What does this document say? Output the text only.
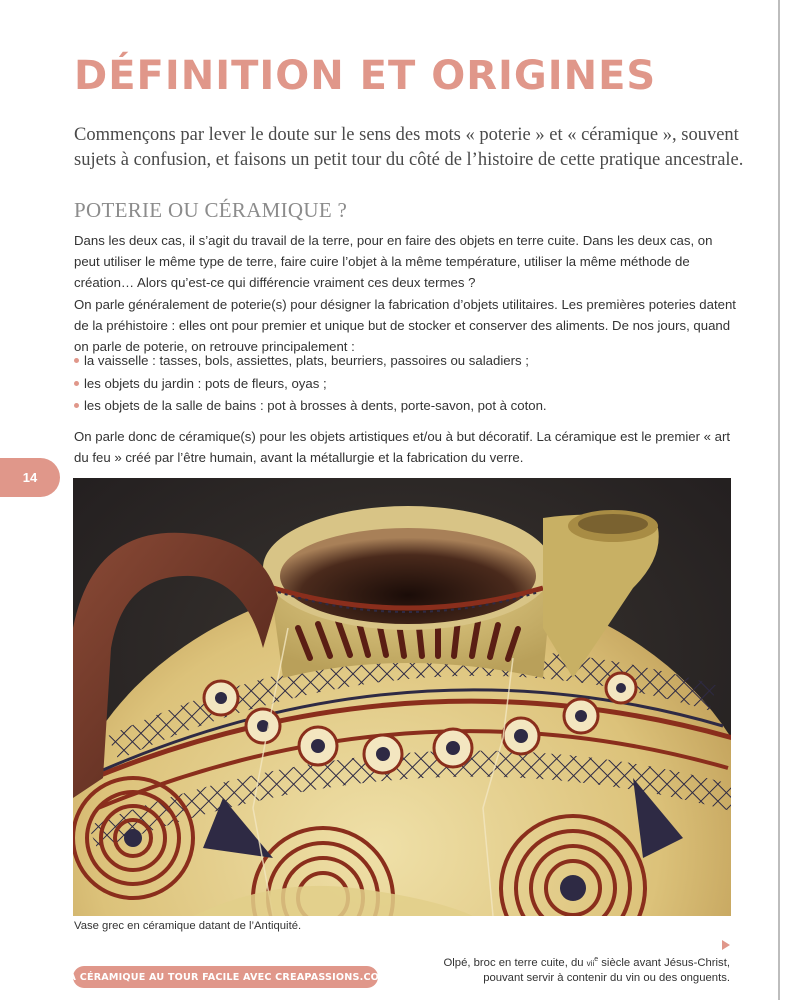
DÉFINITION ET ORIGINES

Commençons par lever le doute sur le sens des mots « poterie » et « céramique », souvent sujets à confusion, et faisons un petit tour du côté de l’histoire de cette pratique ancestrale.

POTERIE OU CÉRAMIQUE ?

Dans les deux cas, il s’agit du travail de la terre, pour en faire des objets en terre cuite. Dans les deux cas, on peut utiliser le même type de terre, faire cuire l’objet à la même température, utiliser la même méthode de création… Alors qu’est-ce qui différencie vraiment ces deux termes ?

On parle généralement de poterie(s) pour désigner la fabrication d’objets utilitaires. Les premières poteries datent de la préhistoire : elles ont pour premier et unique but de stocker et conserver des aliments. De nos jours, quand on parle de poterie, on retrouve principalement :

la vaisselle : tasses, bols, assiettes, plats, beurriers, passoires ou saladiers ;
les objets du jardin : pots de fleurs, oyas ;
les objets de la salle de bains : pot à brosses à dents, porte-savon, pot à coton.

On parle donc de céramique(s) pour les objets artistiques et/ou à but décoratif. La céramique est le premier « art du feu » créé par l’être humain, avant la métallurgie et la fabrication du verre.

14

Vase grec en céramique datant de l’Antiquité.

Olpé, broc en terre cuite, du vii$^e$ siècle avant Jésus-Christ,
pouvant servir à contenir du vin ou des onguents.

LA CÉRAMIQUE AU TOUR FACILE AVEC CREAPASSIONS.COM
